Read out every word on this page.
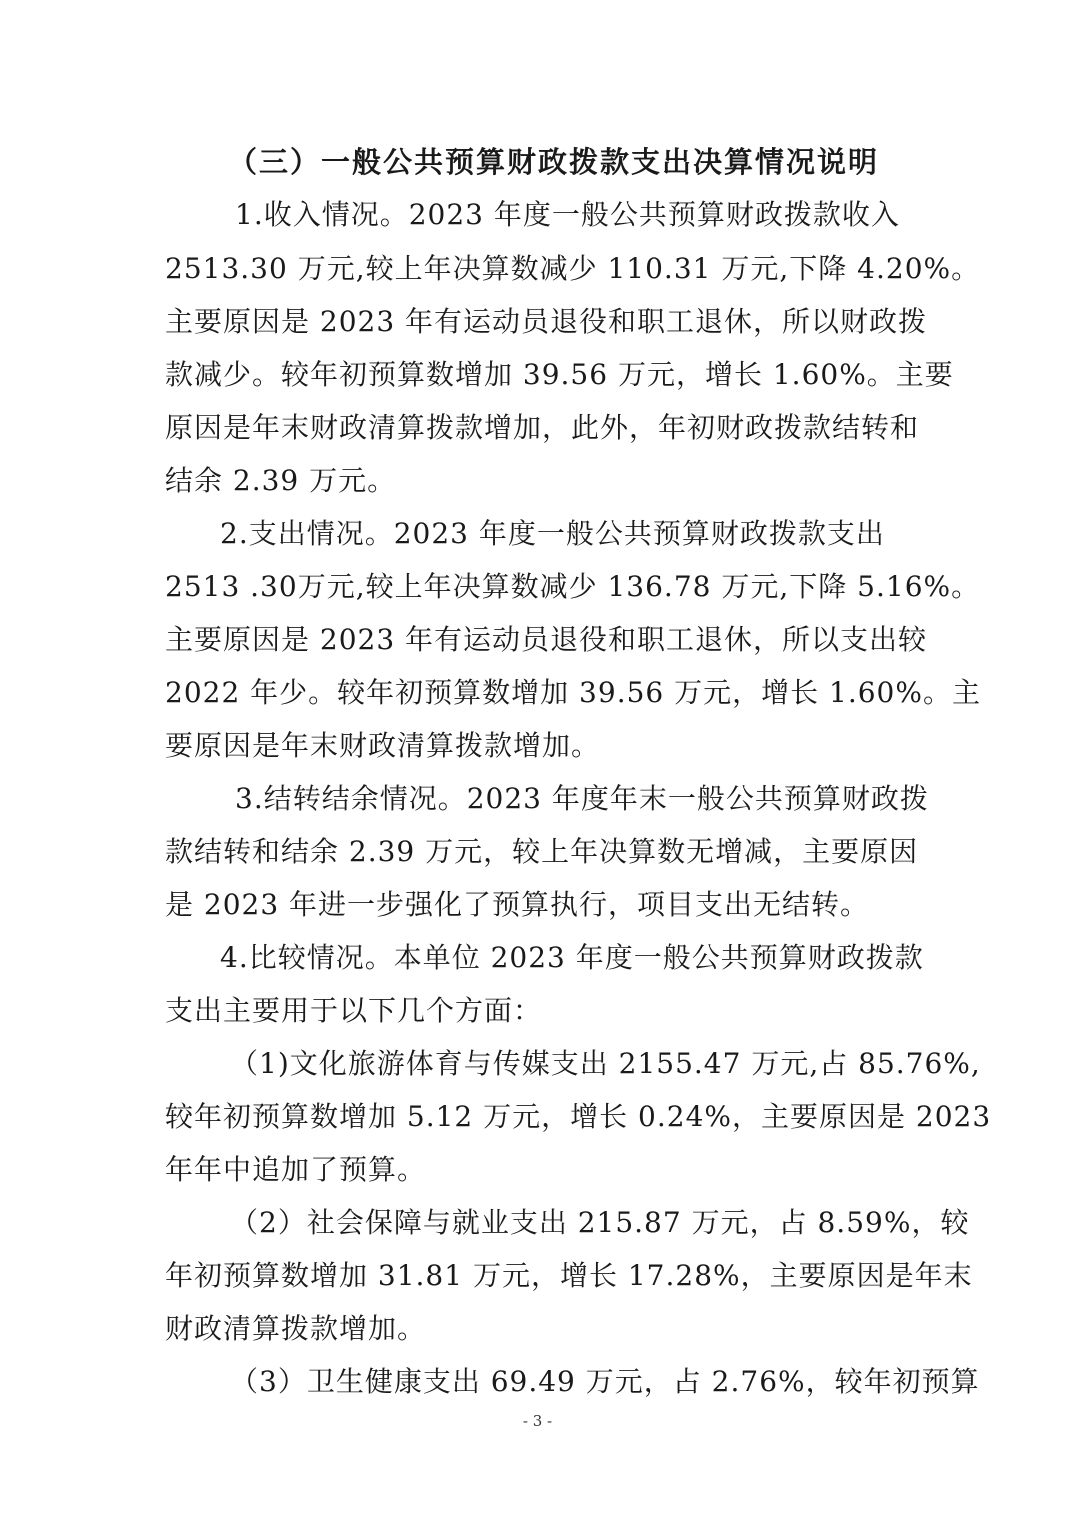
（三）一般公共预算财政拨款支出决算情况说明
1.收入情况。2023 年度一般公共预算财政拨款收入
2513.30 万元,较上年决算数减少 110.31 万元,下降 4.20%。
主要原因是 2023 年有运动员退役和职工退休，所以财政拨
款减少。较年初预算数增加 39.56 万元，增长 1.60%。主要
原因是年末财政清算拨款增加，此外，年初财政拨款结转和
结余 2.39 万元。
2.支出情况。2023 年度一般公共预算财政拨款支出
2513 .30万元,较上年决算数减少 136.78 万元,下降 5.16%。
主要原因是 2023 年有运动员退役和职工退休，所以支出较
2022 年少。较年初预算数增加 39.56 万元，增长 1.60%。主
要原因是年末财政清算拨款增加。
3.结转结余情况。2023 年度年末一般公共预算财政拨
款结转和结余 2.39 万元，较上年决算数无增减，主要原因
是 2023 年进一步强化了预算执行，项目支出无结转。
4.比较情况。本单位 2023 年度一般公共预算财政拨款
支出主要用于以下几个方面：
（1)文化旅游体育与传媒支出 2155.47 万元,占 85.76%,
较年初预算数增加 5.12 万元，增长 0.24%，主要原因是 2023
年年中追加了预算。
（2）社会保障与就业支出 215.87 万元，占 8.59%，较
年初预算数增加 31.81 万元，增长 17.28%，主要原因是年末
财政清算拨款增加。
（3）卫生健康支出 69.49 万元，占 2.76%，较年初预算
- 3 -
